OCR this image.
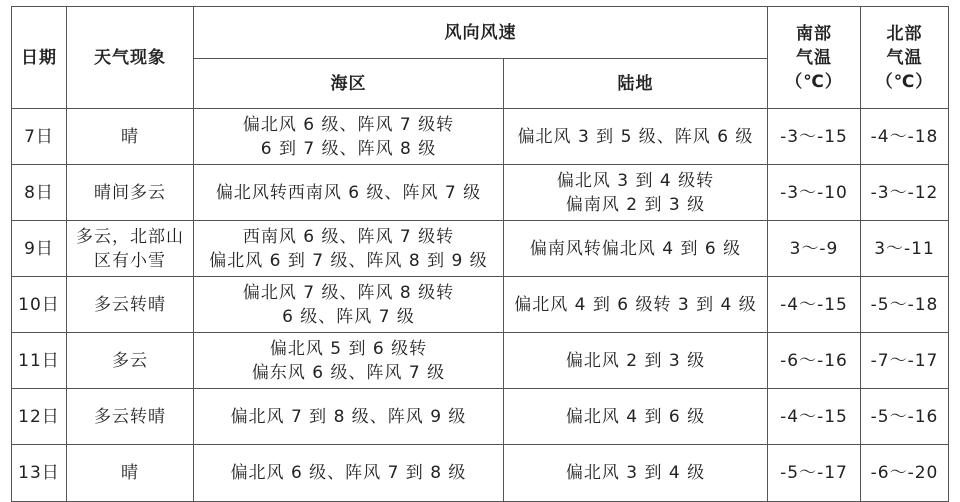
日期	天气现象	风向风速		南部
气温
（℃）	北部
气温
（℃）

		海区	陆地		
7日	晴	偏北风 6 级、阵风 7 级转
6 到 7 级、阵风 8 级	偏北风 3 到 5 级、阵风 6 级	-3～-15	-4～-18
8日	晴间多云	偏北风转西南风 6 级、阵风 7 级	偏北风 3 到 4 级转
偏南风 2 到 3 级	-3～-10	-3～-12
9日	多云，北部山区有小雪	西南风 6 级、阵风 7 级转
偏北风 6 到 7 级、阵风 8 到 9 级	偏南风转偏北风 4 到 6 级	3～-9	3～-11
10日	多云转晴	偏北风 7 级、阵风 8 级转
6 级、阵风 7 级	偏北风 4 到 6 级转 3 到 4 级	-4～-15	-5～-18
11日	多云	偏北风 5 到 6 级转
偏东风 6 级、阵风 7 级	偏北风 2 到 3 级	-6～-16	-7～-17
12日	多云转晴	偏北风 7 到 8 级、阵风 9 级	偏北风 4 到 6 级	-4～-15	-5～-16
13日	晴	偏北风 6 级、阵风 7 到 8 级	偏北风 3 到 4 级	-5～-17	-6～-20
